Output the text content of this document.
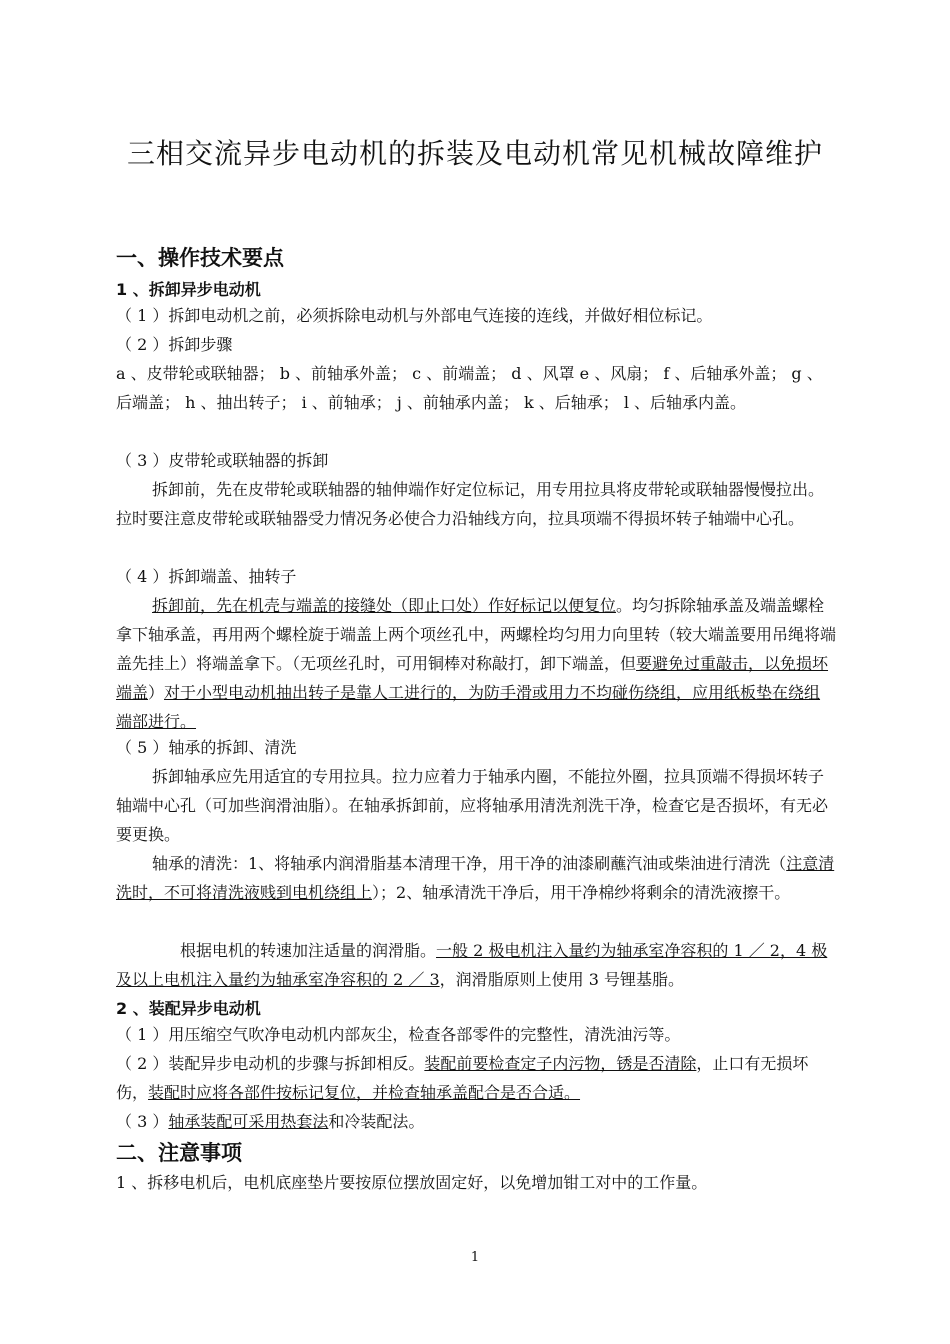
三相交流异步电动机的拆装及电动机常见机械故障维护
一、操作技术要点
1 、拆卸异步电动机
（ 1 ）拆卸电动机之前，必须拆除电动机与外部电气连接的连线，并做好相位标记。
（ 2 ）拆卸步骤
a 、皮带轮或联轴器； b 、前轴承外盖； c 、前端盖； d 、风罩 e 、风扇； f 、后轴承外盖； g 、后端盖； h 、抽出转子； i 、前轴承； j 、前轴承内盖； k 、后轴承； l 、后轴承内盖。
（ 3 ）皮带轮或联轴器的拆卸
拆卸前，先在皮带轮或联轴器的轴伸端作好定位标记，用专用拉具将皮带轮或联轴器慢慢拉出。拉时要注意皮带轮或联轴器受力情况务必使合力沿轴线方向，拉具项端不得损坏转子轴端中心孔。
（ 4 ）拆卸端盖、抽转子
拆卸前，先在机壳与端盖的接缝处（即止口处）作好标记以便复位。均匀拆除轴承盖及端盖螺栓拿下轴承盖，再用两个螺栓旋于端盖上两个项丝孔中，两螺栓均匀用力向里转（较大端盖要用吊绳将端盖先挂上）将端盖拿下。（无项丝孔时，可用铜棒对称敲打，卸下端盖，但要避免过重敲击，以免损坏端盖）对于小型电动机抽出转子是靠人工进行的，为防手滑或用力不均碰伤绕组，应用纸板垫在绕组端部进行。
（ 5 ）轴承的拆卸、清洗
拆卸轴承应先用适宜的专用拉具。拉力应着力于轴承内圈，不能拉外圈，拉具顶端不得损坏转子轴端中心孔（可加些润滑油脂）。在轴承拆卸前，应将轴承用清洗剂洗干净，检查它是否损坏，有无必要更换。
轴承的清洗：1、将轴承内润滑脂基本清理干净，用干净的油漆刷蘸汽油或柴油进行清洗（注意清洗时，不可将清洗液贱到电机绕组上）；2、轴承清洗干净后，用干净棉纱将剩余的清洗液擦干。
根据电机的转速加注适量的润滑脂。一般 2 极电机注入量约为轴承室净容积的 1 ／ 2，4 极及以上电机注入量约为轴承室净容积的 2 ／ 3，润滑脂原则上使用 3 号锂基脂。
2 、装配异步电动机
（ 1 ）用压缩空气吹净电动机内部灰尘，检查各部零件的完整性，清洗油污等。
（ 2 ）装配异步电动机的步骤与拆卸相反。装配前要检查定子内污物，锈是否清除，止口有无损坏伤，装配时应将各部件按标记复位，并检查轴承盖配合是否合适。
（ 3 ）轴承装配可采用热套法和冷装配法。
二、注意事项
1 、拆移电机后，电机底座垫片要按原位摆放固定好，以免增加钳工对中的工作量。
1
